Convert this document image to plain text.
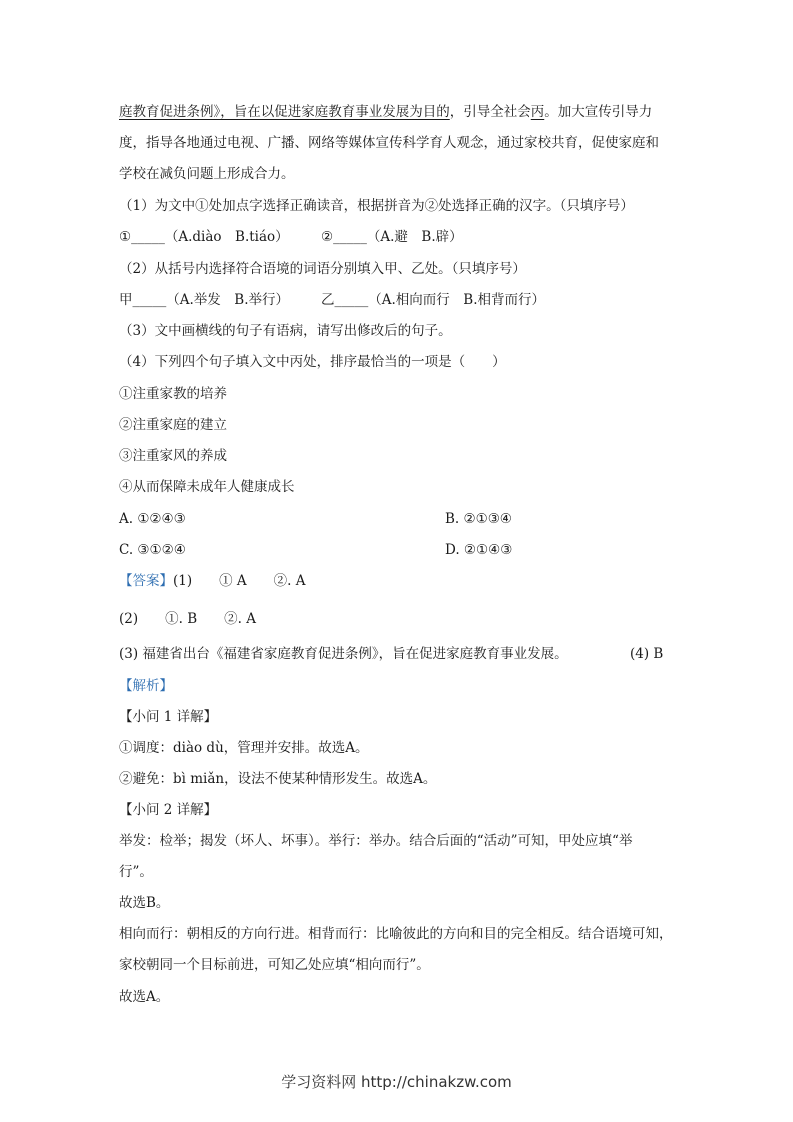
庭教育促进条例》，旨在以促进家庭教育事业发展为目的，引导全社会丙。加大宣传引导力
度，指导各地通过电视、广播、网络等媒体宣传科学育人观念，通过家校共育，促使家庭和
学校在减负问题上形成合力。
（1）为文中①处加点字选择正确读音，根据拼音为②处选择正确的汉字。（只填序号）
①_____（A.diào　B.tiáo） ②_____（A.避　B.辟）
（2）从括号内选择符合语境的词语分别填入甲、乙处。（只填序号）
甲_____（A.举发　B.举行） 乙_____（A.相向而行　B.相背而行）
（3）文中画横线的句子有语病，请写出修改后的句子。
（4）下列四个句子填入文中丙处，排序最恰当的一项是（　　）
①注重家教的培养
②注重家庭的建立
③注重家风的养成
④从而保障未成年人健康成长
A. ①②④③	B. ②①③④
C. ③①②④	D. ②①④③
【答案】(1)　　① A　　②. A
(2)　　①. B　　②. A
(3) 福建省出台《福建省家庭教育促进条例》，旨在促进家庭教育事业发展。	(4) B
【解析】
【小问 1 详解】
①调度：diào dù，管理并安排。故选A。
②避免：bì miǎn，设法不使某种情形发生。故选A。
【小问 2 详解】
举发：检举；揭发（坏人、坏事）。举行：举办。结合后面的“活动”可知，甲处应填“举
行”。
故选B。
相向而行：朝相反的方向行进。相背而行：比喻彼此的方向和目的完全相反。结合语境可知，
家校朝同一个目标前进，可知乙处应填“相向而行”。
故选A。
学习资料网 http://chinakzw.com
